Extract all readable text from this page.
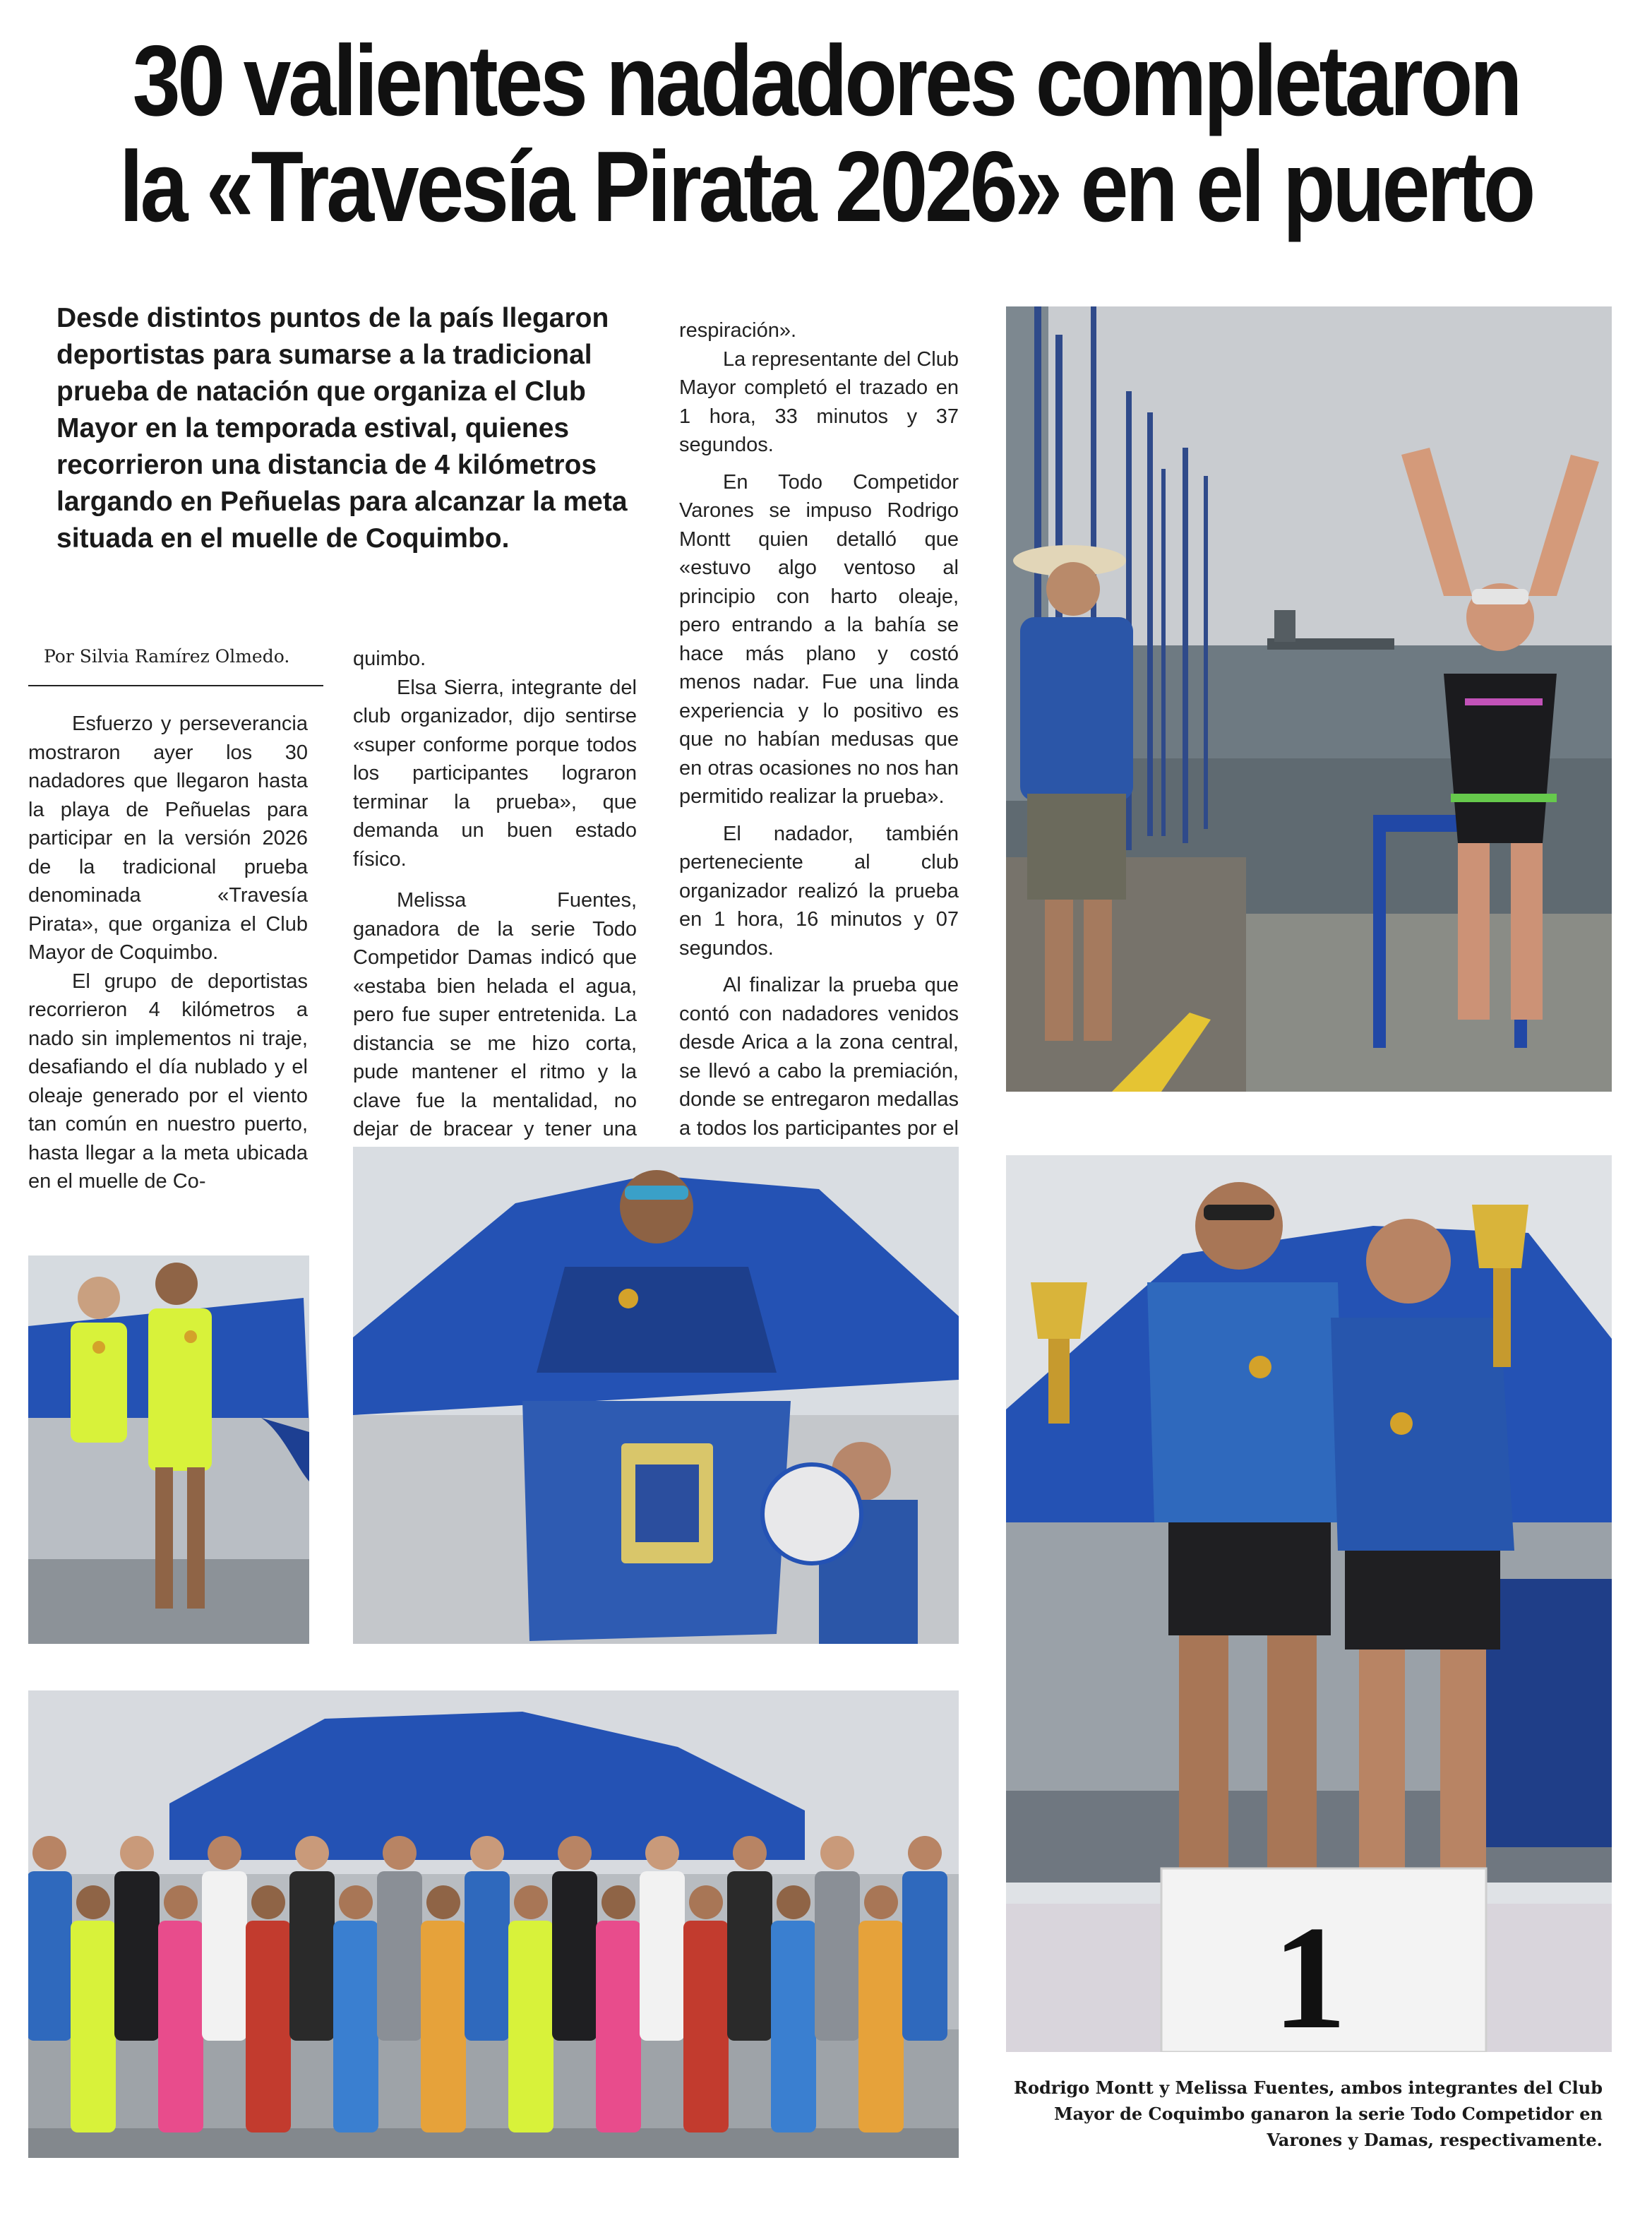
30 valientes nadadores completaron
la «Travesía Pirata 2026» en el puerto
Desde distintos puntos de la país llegaron deportistas para sumarse a la tradicional prueba de natación que organiza el Club Mayor en la temporada estival, quienes recorrieron una distancia de 4 kilómetros largando en Peñuelas para alcanzar la meta situada en el muelle de Coquimbo.
Por Silvia Ramírez Olmedo.

Esfuerzo y perseverancia mostraron ayer los 30 nadadores que llegaron hasta la playa de Peñuelas para participar en la versión 2026 de la tradicional prueba denominada «Travesía Pirata», que organiza el Club Mayor de Coquimbo.

El grupo de deportistas recorrieron 4 kilómetros a nado sin implementos ni traje, desafiando el día nublado y el oleaje generado por el viento tan común en nuestro puerto, hasta llegar a la meta ubicada en el muelle de Co-

quimbo.

Elsa Sierra, integrante del club organizador, dijo sentirse «super conforme porque todos los participantes lograron terminar la prueba», que demanda un buen estado físico.

Melissa Fuentes, ganadora de la serie Todo Competidor Damas indicó que «estaba bien helada el agua, pero fue super entretenida. La distancia se me hizo corta, pude mantener el ritmo y la clave fue la mentalidad, no dejar de bracear y tener una

respiración».

La representante del Club Mayor completó el trazado en 1 hora, 33 minutos y 37 segundos.

En Todo Competidor Varones se impuso Rodrigo Montt quien detalló que «estuvo algo ventoso al principio con harto oleaje, pero entrando a la bahía se hace más plano y costó menos nadar. Fue una linda experiencia y lo positivo es que no habían medusas que en otras ocasiones no nos han permitido realizar la prueba».

El nadador, también perteneciente al club organizador realizó la prueba en 1 hora, 16 minutos y 07 segundos.

Al finalizar la prueba que contó con nadadores venidos desde Arica a la zona central, se llevó a cabo la premiación, donde se entregaron medallas a todos los participantes por el

1
Rodrigo Montt y Melissa Fuentes, ambos integrantes del Club Mayor de Coquimbo ganaron la serie Todo Competidor en Varones y Damas, respectivamente.
